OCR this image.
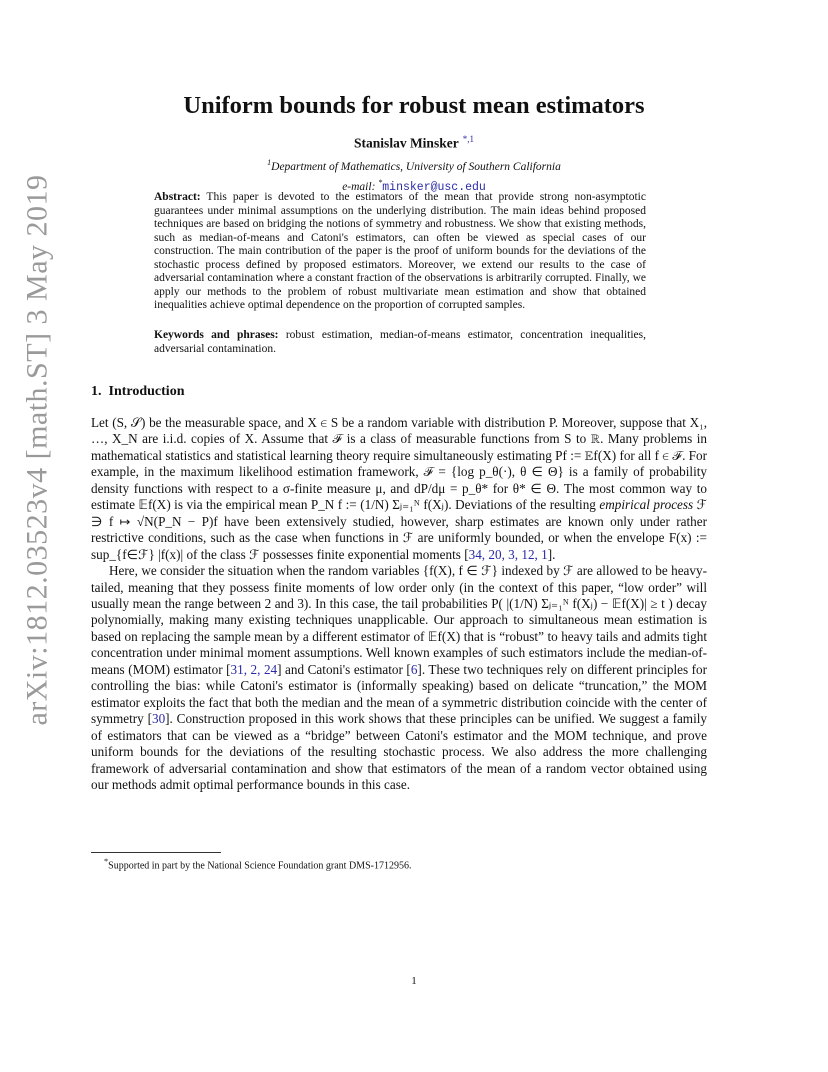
arXiv:1812.03523v4 [math.ST] 3 May 2019
Uniform bounds for robust mean estimators
Stanislav Minsker $^{*,1}$
$^1$Department of Mathematics, University of Southern California
e-mail: *minsker@usc.edu
Abstract: This paper is devoted to the estimators of the mean that provide strong non-asymptotic guarantees under minimal assumptions on the underlying distribution. The main ideas behind proposed techniques are based on bridging the notions of symmetry and robustness. We show that existing methods, such as median-of-means and Catoni's estimators, can often be viewed as special cases of our construction. The main contribution of the paper is the proof of uniform bounds for the deviations of the stochastic process defined by proposed estimators. Moreover, we extend our results to the case of adversarial contamination where a constant fraction of the observations is arbitrarily corrupted. Finally, we apply our methods to the problem of robust multivariate mean estimation and show that obtained inequalities achieve optimal dependence on the proportion of corrupted samples.
Keywords and phrases: robust estimation, median-of-means estimator, concentration inequalities, adversarial contamination.
1. Introduction

Let (S, 𝒮) be the measurable space, and X ∈ S be a random variable with distribution P. Moreover, suppose that X₁, …, X_N are i.i.d. copies of X. Assume that ℱ is a class of measurable functions from S to ℝ. Many problems in mathematical statistics and statistical learning theory require simultaneously estimating Pf := 𝔼f(X) for all f ∈ ℱ. For example, in the maximum likelihood estimation framework, ℱ = {log p_θ(·), θ ∈ Θ} is a family of probability density functions with respect to a σ-finite measure μ, and dP/dμ = p_θ* for θ* ∈ Θ. The most common way to estimate 𝔼f(X) is via the empirical mean P_N f := (1/N) Σⱼ₌₁ᴺ f(Xⱼ). Deviations of the resulting empirical process ℱ ∋ f ↦ √N(P_N − P)f have been extensively studied, however, sharp estimates are known only under rather restrictive conditions, such as the case when functions in ℱ are uniformly bounded, or when the envelope F(x) := sup_{f∈ℱ} |f(x)| of the class ℱ possesses finite exponential moments [34, 20, 3, 12, 1].

Here, we consider the situation when the random variables {f(X), f ∈ ℱ} indexed by ℱ are allowed to be heavy-tailed, meaning that they possess finite moments of low order only (in the context of this paper, “low order” will usually mean the range between 2 and 3). In this case, the tail probabilities P( |(1/N) Σⱼ₌₁ᴺ f(Xⱼ) − 𝔼f(X)| ≥ t ) decay polynomially, making many existing techniques unapplicable. Our approach to simultaneous mean estimation is based on replacing the sample mean by a different estimator of 𝔼f(X) that is “robust” to heavy tails and admits tight concentration under minimal moment assumptions. Well known examples of such estimators include the median-of-means (MOM) estimator [31, 2, 24] and Catoni's estimator [6]. These two techniques rely on different principles for controlling the bias: while Catoni's estimator is (informally speaking) based on delicate “truncation,” the MOM estimator exploits the fact that both the median and the mean of a symmetric distribution coincide with the center of symmetry [30]. Construction proposed in this work shows that these principles can be unified. We suggest a family of estimators that can be viewed as a “bridge” between Catoni's estimator and the MOM technique, and prove uniform bounds for the deviations of the resulting stochastic process. We also address the more challenging framework of adversarial contamination and show that estimators of the mean of a random vector obtained using our methods admit optimal performance bounds in this case.

*Supported in part by the National Science Foundation grant DMS-1712956.
1
